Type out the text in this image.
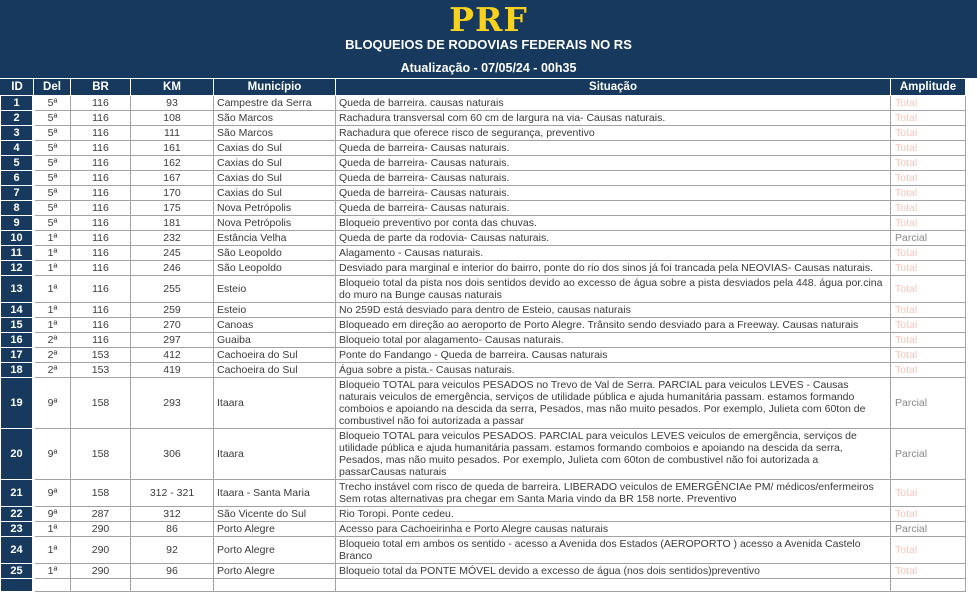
PRF
BLOQUEIOS DE RODOVIAS FEDERAIS NO RS
Atualização - 07/05/24 - 00h35
ID	Del	BR	KM	Município	Situação	Amplitude
1	5ª	116	93	Campestre da Serra	Queda de barreira. causas naturais	Total
2	5ª	116	108	São Marcos	Rachadura transversal com 60 cm de largura na via- Causas naturais.	Total
3	5ª	116	111	São Marcos	Rachadura que oferece risco de segurança, preventivo	Total
4	5ª	116	161	Caxias do Sul	Queda de barreira- Causas naturais.	Total
5	5ª	116	162	Caxias do Sul	Queda de barreira- Causas naturais.	Total
6	5ª	116	167	Caxias do Sul	Queda de barreira- Causas naturais.	Total
7	5ª	116	170	Caxias do Sul	Queda de barreira- Causas naturais.	Total
8	5ª	116	175	Nova Petrópolis	Queda de barreira- Causas naturais.	Total
9	5ª	116	181	Nova Petrópolis	Bloqueio preventivo por conta das chuvas.	Total
10	1ª	116	232	Estância Velha	Queda de parte da rodovia- Causas naturais.	Parcial
11	1ª	116	245	São Leopoldo	Alagamento - Causas naturais.	Total
12	1ª	116	246	São Leopoldo	Desviado para marginal e interior do bairro, ponte do rio dos sinos já foi trancada pela NEOVIAS- Causas naturais.	Total
13	1ª	116	255	Esteio	Bloqueio total da pista nos dois sentidos devido ao excesso de água sobre a pista desviados pela 448. água por.cina do muro na Bunge causas naturais	Total
14	1ª	116	259	Esteio	No 259D está desviado para dentro de Esteio, causas naturais	Total
15	1ª	116	270	Canoas	Bloqueado em direção ao aeroporto de Porto Alegre. Trânsito sendo desviado para a Freeway. Causas naturais	Total
16	2ª	116	297	Guaiba	Bloqueio total por alagamento- Causas naturais.	Total
17	2ª	153	412	Cachoeira do Sul	Ponte do Fandango - Queda de barreira. Causas naturais	Total
18	2ª	153	419	Cachoeira do Sul	Água sobre a pista.- Causas naturais.	Total
19	9ª	158	293	Itaara	Bloqueio TOTAL para veiculos PESADOS no Trevo de Val de Serra. PARCIAL para veiculos LEVES - Causas naturais veiculos de emergência, serviços de utilidade pública e ajuda humanitária passam. estamos formando comboios e apoiando na descida da serra, Pesados, mas não muito pesados. Por exemplo, Julieta com 60ton de combustivel não foi autorizada a passar	Parcial
20	9ª	158	306	Itaara	Bloqueio TOTAL para veiculos PESADOS. PARCIAL para veiculos LEVES veiculos de emergência, serviços de utilidade pública e ajuda humanitária passam. estamos formando comboios e apoiando na descida da serra, Pesados, mas não muito pesados. Por exemplo, Julieta com 60ton de combustivel não foi autorizada a passarCausas naturais	Parcial
21	9ª	158	312 - 321	Itaara - Santa Maria	Trecho instável com risco de queda de barreira. LIBERADO veiculos de EMERGÊNCIAe PM/ médicos/enfermeiros Sem rotas alternativas pra chegar em Santa Maria vindo da BR 158 norte. Preventivo	Total
22	9ª	287	312	São Vicente do Sul	Rio Toropi. Ponte cedeu.	Total
23	1ª	290	86	Porto Alegre	Acesso para Cachoeirinha e Porto Alegre causas naturais	Parcial
24	1ª	290	92	Porto Alegre	Bloqueio total em ambos os sentido - acesso a Avenida dos Estados (AEROPORTO ) acesso a Avenida Castelo Branco	Total
25	1ª	290	96	Porto Alegre	Bloqueio total da PONTE MÓVEL devido a excesso de água (nos dois sentidos)preventivo	Total
